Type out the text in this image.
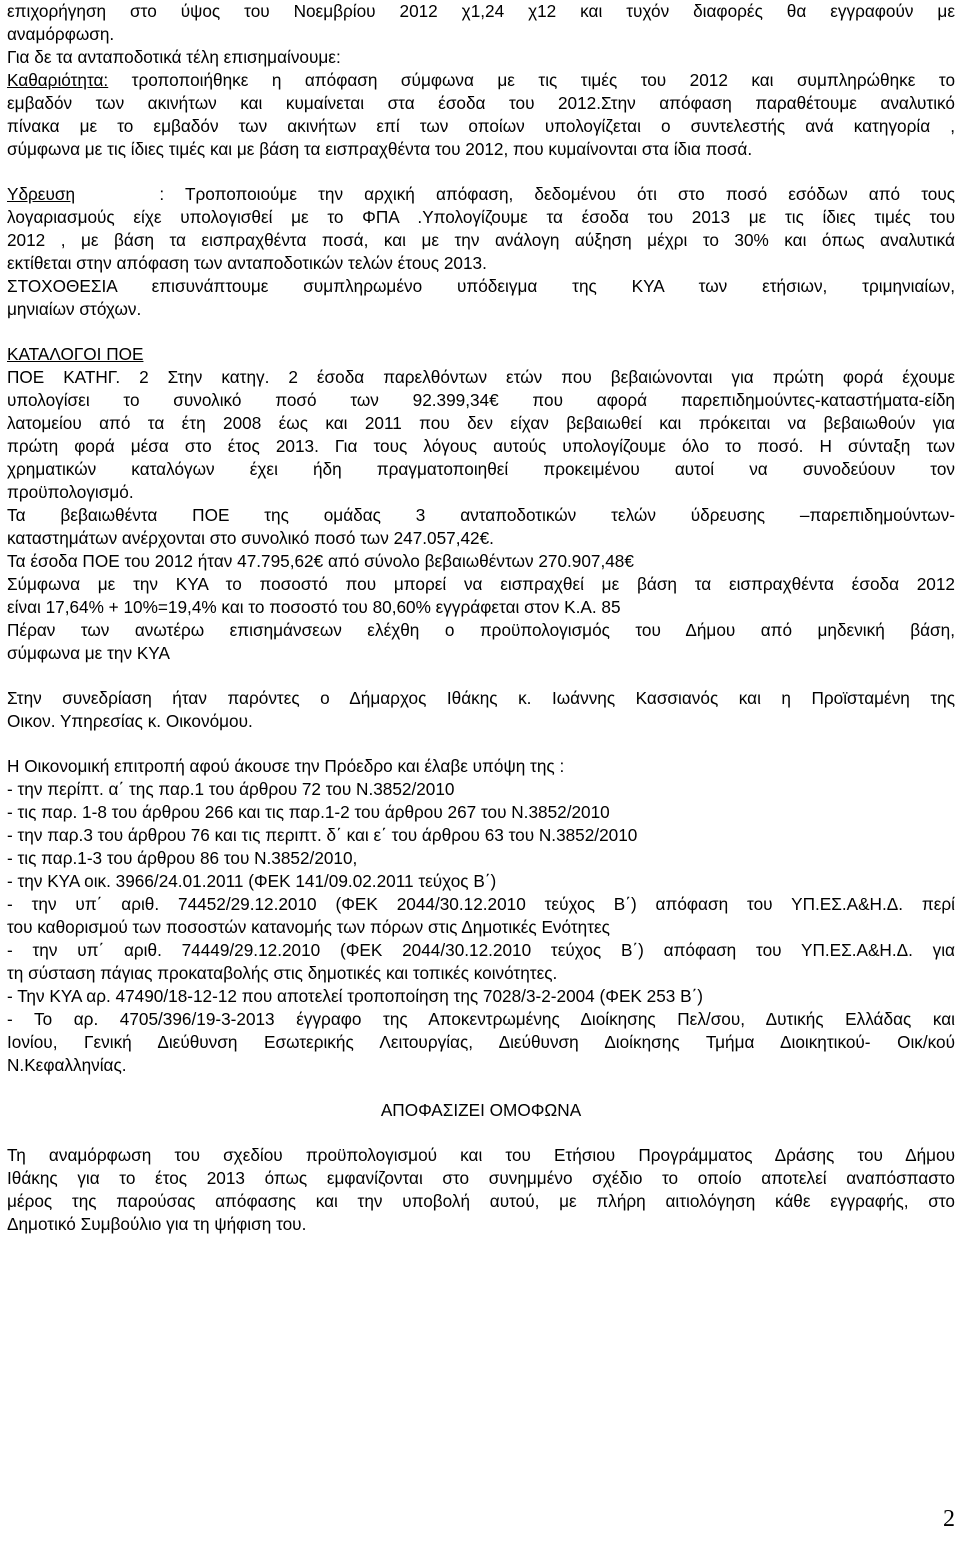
επιχορήγηση στο ύψος του Νοεμβρίου 2012 χ1,24 χ12 και τυχόν διαφορές θα εγγραφούν με
αναμόρφωση.
Για δε τα ανταποδοτικά τέλη επισημαίνουμε:
Καθαριότητα: τροποποιήθηκε η απόφαση σύμφωνα με τις τιμές του 2012 και συμπληρώθηκε το
εμβαδόν των ακινήτων και κυμαίνεται στα έσοδα του 2012.Στην απόφαση παραθέτουμε αναλυτικό
πίνακα με το εμβαδόν των ακινήτων επί των οποίων υπολογίζεται ο συντελεστής ανά κατηγορία ,
σύμφωνα με τις ίδιες τιμές και με βάση τα εισπραχθέντα του 2012, που κυμαίνονται στα ίδια ποσά.
Υδρευση    : Τροποποιούμε την αρχική απόφαση, δεδομένου ότι στο ποσό εσόδων από τους
λογαριασμούς είχε υπολογισθεί με το ΦΠΑ .Υπολογίζουμε τα έσοδα του 2013 με τις ίδιες τιμές του
2012 , με βάση τα εισπραχθέντα ποσά, και με την ανάλογη αύξηση μέχρι το 30% και όπως αναλυτικά
εκτίθεται στην απόφαση των ανταποδοτικών τελών έτους 2013.
ΣΤΟΧΟΘΕΣΙΑ επισυνάπτουμε συμπληρωμένο υπόδειγμα της ΚΥΑ των ετήσιων, τριμηνιαίων,
μηνιαίων στόχων.
ΚΑΤΑΛΟΓΟΙ ΠΟΕ
ΠΟΕ ΚΑΤΗΓ. 2 Στην κατηγ. 2 έσοδα παρελθόντων ετών που βεβαιώνονται για πρώτη φορά έχουμε
υπολογίσει το συνολικό ποσό των 92.399,34€ που αφορά παρεπιδημούντες-καταστήματα-είδη
λατομείου από τα έτη 2008 έως και 2011 που δεν είχαν βεβαιωθεί και πρόκειται να βεβαιωθούν για
πρώτη φορά μέσα στο έτος 2013. Για τους λόγους αυτούς υπολογίζουμε όλο το ποσό. Η σύνταξη των
χρηματικών καταλόγων έχει ήδη πραγματοποιηθεί προκειμένου αυτοί να συνοδεύουν τον
προϋπολογισμό.
Τα βεβαιωθέντα ΠΟΕ της ομάδας 3 ανταποδοτικών τελών ύδρευσης –παρεπιδημούντων-
καταστημάτων ανέρχονται στο συνολικό ποσό των 247.057,42€.
Τα έσοδα ΠΟΕ του 2012 ήταν 47.795,62€ από σύνολο βεβαιωθέντων 270.907,48€
Σύμφωνα με την ΚΥΑ το ποσοστό που μπορεί να εισπραχθεί με βάση τα εισπραχθέντα έσοδα 2012
είναι 17,64% + 10%=19,4% και το ποσοστό του 80,60% εγγράφεται στον Κ.Α. 85
Πέραν των ανωτέρω επισημάνσεων ελέχθη ο προϋπολογισμός του Δήμου από μηδενική βάση,
σύμφωνα με την ΚΥΑ
Στην συνεδρίαση ήταν παρόντες ο Δήμαρχος Ιθάκης κ. Ιωάννης Κασσιανός και η Προϊσταμένη της
Οικον. Υπηρεσίας κ. Οικονόμου.
Η Οικονομική επιτροπή αφού άκουσε την Πρόεδρο και έλαβε υπόψη της :
- την περίπτ. α΄ της παρ.1 του άρθρου 72 του Ν.3852/2010
- τις παρ. 1-8 του άρθρου 266 και τις παρ.1-2 του άρθρου 267 του Ν.3852/2010
- την παρ.3 του άρθρου 76 και τις περιπτ. δ΄ και ε΄ του άρθρου 63 του Ν.3852/2010
- τις παρ.1-3 του άρθρου 86 του Ν.3852/2010,
- την ΚΥΑ οικ. 3966/24.01.2011 (ΦΕΚ 141/09.02.2011 τεύχος Β΄)
- την υπ΄ αριθ. 74452/29.12.2010 (ΦΕΚ 2044/30.12.2010 τεύχος Β΄) απόφαση του ΥΠ.ΕΣ.Α&Η.Δ. περί
του καθορισμού των ποσοστών κατανομής των πόρων στις Δημοτικές Ενότητες
- την υπ΄ αριθ. 74449/29.12.2010 (ΦΕΚ 2044/30.12.2010 τεύχος Β΄) απόφαση του ΥΠ.ΕΣ.Α&Η.Δ. για
τη σύσταση πάγιας προκαταβολής στις δημοτικές και τοπικές κοινότητες.
- Την ΚΥΑ αρ. 47490/18-12-12 που αποτελεί τροποποίηση της 7028/3-2-2004 (ΦΕΚ 253 Β΄)
- Το αρ. 4705/396/19-3-2013 έγγραφο της Αποκεντρωμένης Διοίκησης Πελ/σου, Δυτικής Ελλάδας και
Ιονίου, Γενική Διεύθυνση Εσωτερικής Λειτουργίας, Διεύθυνση Διοίκησης Τμήμα Διοικητικού- Οικ/κού
Ν.Κεφαλληνίας.
ΑΠΟΦΑΣΙΖΕΙ ΟΜΟΦΩΝΑ
Τη αναμόρφωση του σχεδίου προϋπολογισμού και του Ετήσιου Προγράμματος Δράσης του Δήμου
Ιθάκης για το έτος 2013 όπως εμφανίζονται στο συνημμένο σχέδιο το οποίο αποτελεί αναπόσπαστο
μέρος της παρούσας απόφασης και την υποβολή αυτού, με πλήρη αιτιολόγηση κάθε εγγραφής, στο
Δημοτικό Συμβούλιο για τη ψήφιση του.
2
